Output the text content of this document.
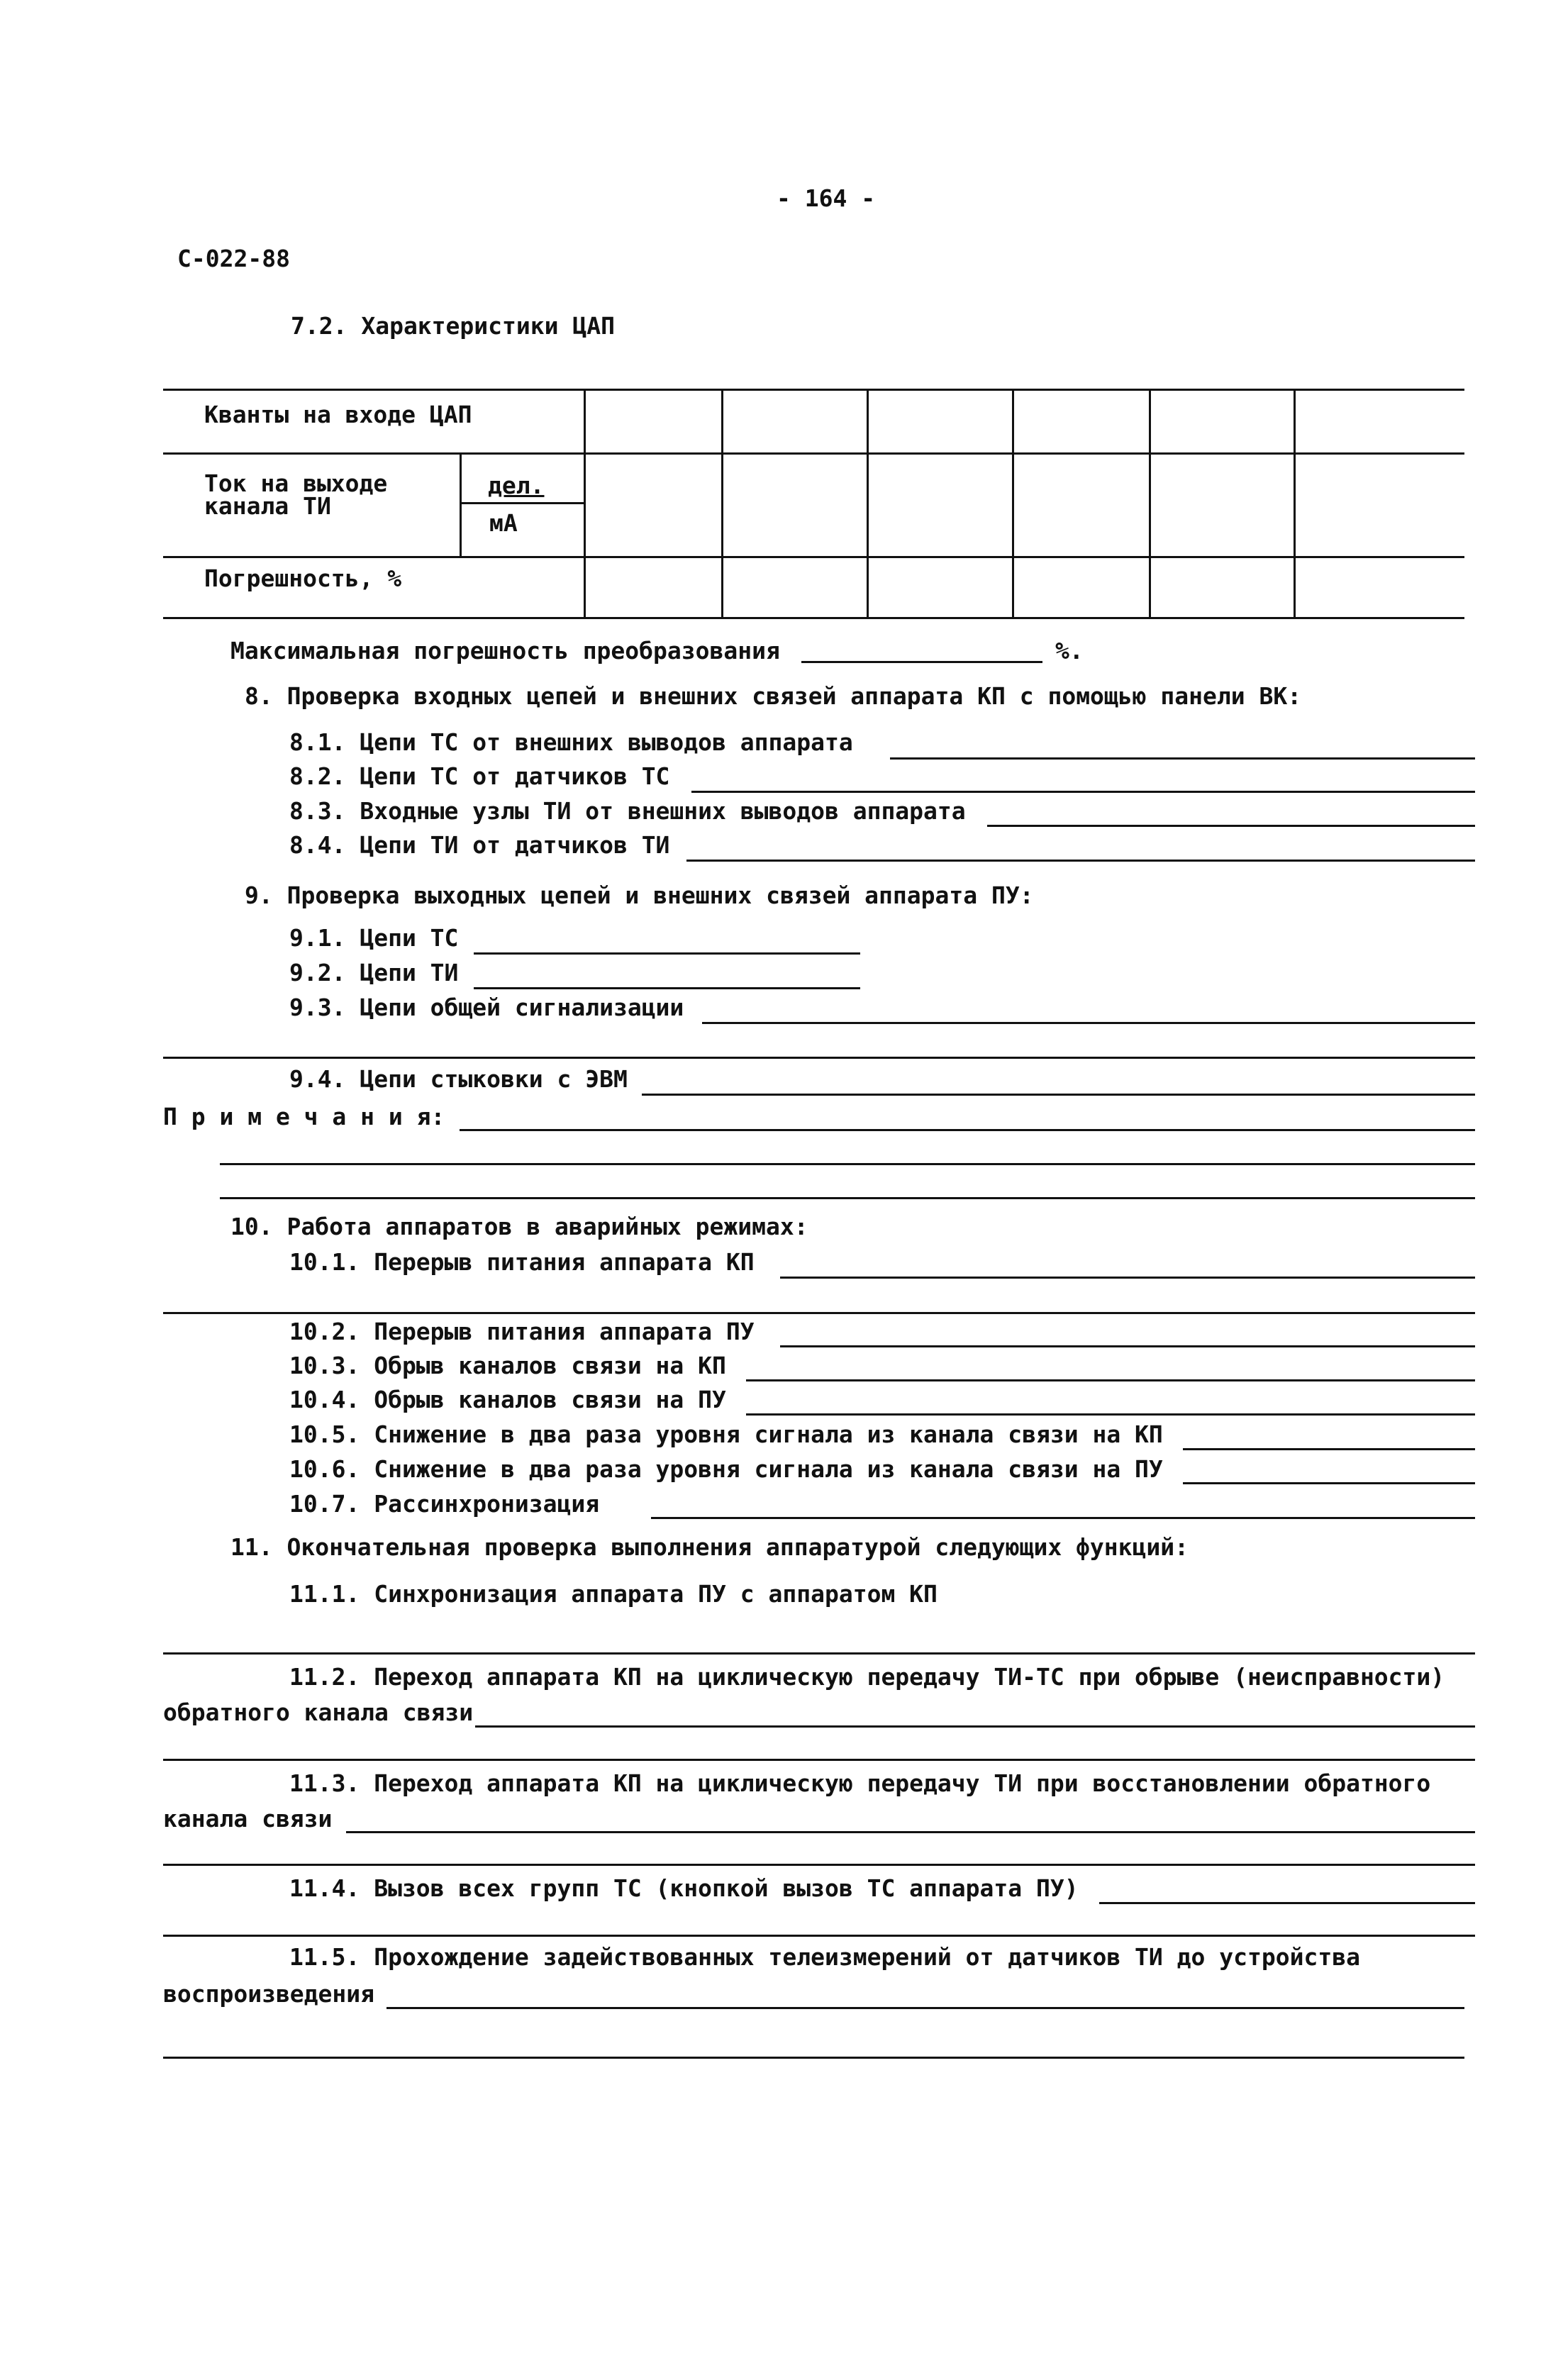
- 164 -
С-022-88
7.2. Характеристики ЦАП
Кванты на входе ЦАП
Ток на выходе
канала ТИ
дел.
мА
Погрешность, %
Максимальная погрешность преобразования	%.
8. Проверка входных цепей и внешних связей аппарата КП с помощью панели ВК:
8.1. Цепи ТС от внешних выводов аппарата
8.2. Цепи ТС от датчиков ТС
8.3. Входные узлы ТИ от внешних выводов аппарата
8.4. Цепи ТИ от датчиков ТИ
9. Проверка выходных цепей и внешних связей аппарата ПУ:
9.1. Цепи ТС
9.2. Цепи ТИ
9.3. Цепи общей сигнализации
9.4. Цепи стыковки с ЭВМ
П р и м е ч а н и я:
10. Работа аппаратов в аварийных режимах:
10.1. Перерыв питания аппарата КП
10.2. Перерыв питания аппарата ПУ
10.3. Обрыв каналов связи на КП
10.4. Обрыв каналов связи на ПУ
10.5. Снижение в два раза уровня сигнала из канала связи на КП
10.6. Снижение в два раза уровня сигнала из канала связи на ПУ
10.7. Рассинхронизация
11. Окончательная проверка выполнения аппаратурой следующих функций:
11.1. Синхронизация аппарата ПУ с аппаратом КП
11.2. Переход аппарата КП на циклическую передачу ТИ-ТС при обрыве (неисправности)
обратного канала связи
11.3. Переход аппарата КП на циклическую передачу ТИ при восстановлении обратного
канала связи
11.4. Вызов всех групп ТС (кнопкой вызов ТС аппарата ПУ)
11.5. Прохождение задействованных телеизмерений от датчиков ТИ до устройства
воспроизведения
